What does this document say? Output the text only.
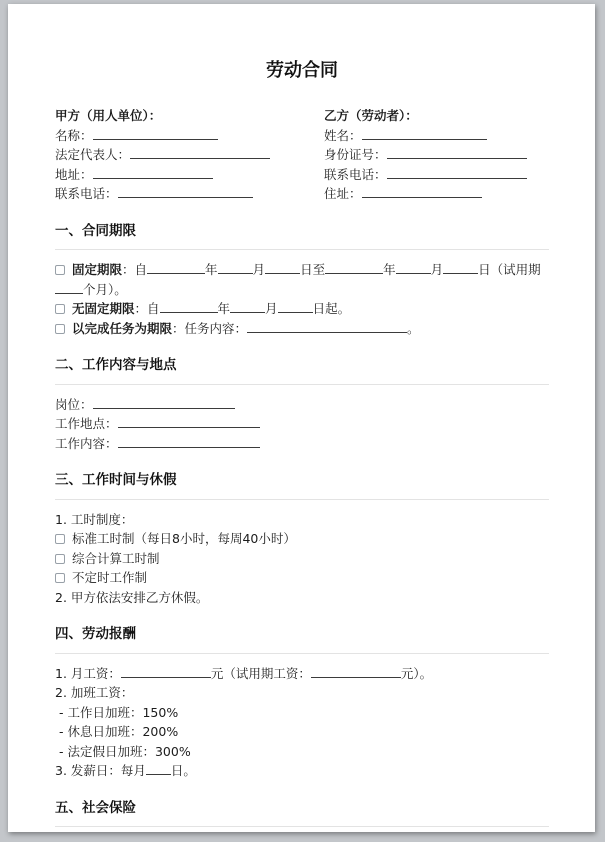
劳动合同
甲方（用人单位）：
名称：
法定代表人：
地址：
联系电话：
乙方（劳动者）：
姓名：
身份证号：
联系电话：
住址：
一、合同期限
固定期限：自	年	月	日至	年	月	日（试用期
个月）。
无固定期限：自	年	月	日起。
以完成任务为期限：任务内容：	。
二、工作内容与地点
岗位：
工作地点：
工作内容：
三、工作时间与休假
1. 工时制度：
标准工时制（每日8小时，每周40小时）
综合计算工时制
不定时工作制
2. 甲方依法安排乙方休假。
四、劳动报酬
1. 月工资：	元（试用期工资：	元）。
2. 加班工资：
- 工作日加班：150%
- 休息日加班：200%
- 法定假日加班：300%
3. 发薪日：每月 日。
五、社会保险
